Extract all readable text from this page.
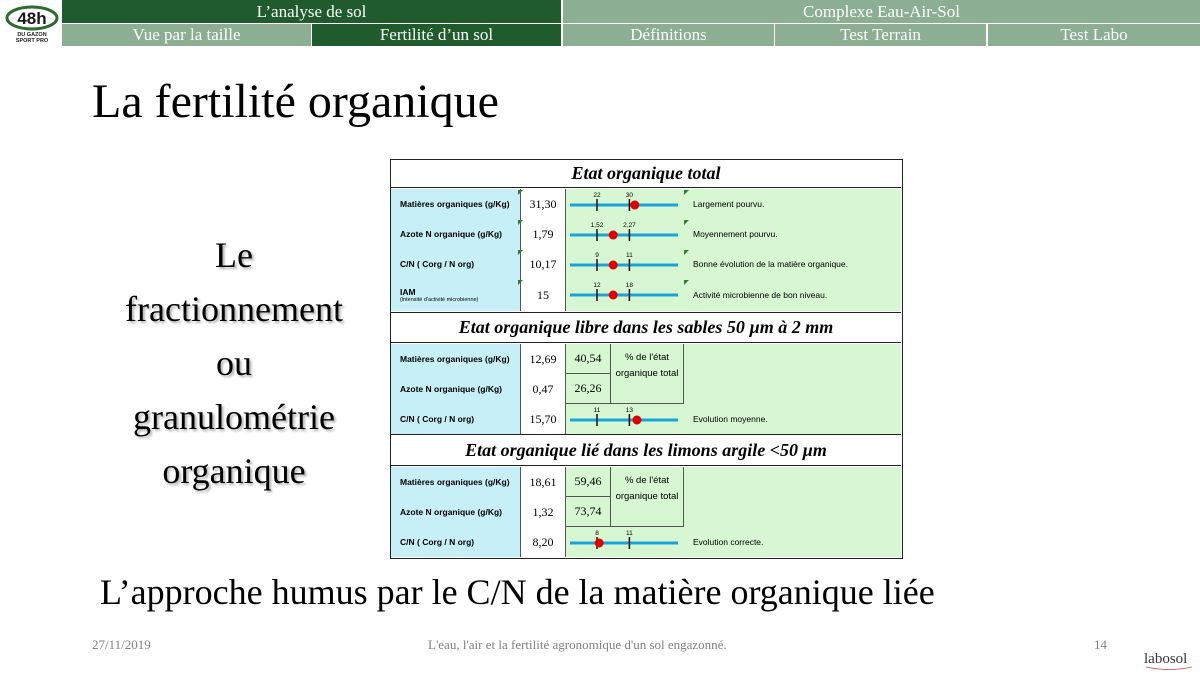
48h
DU GAZON
SPORT PRO
L’analyse de sol	Complexe Eau-Air-Sol
Vue par la taille	Fertilité d’un sol	Définitions	Test Terrain	Test Labo
La fertilité organique
Le
fractionnement
ou
granulométrie
organique
Etat organique total
Matières organiques (g/Kg)	31,30
22	30
Largement pourvu.
Azote N organique (g/Kg)	1,79
1,52	2,27
Moyennement pourvu.
C/N ( Corg / N org)	10,17
9	11
Bonne évolution de la matière organique.
IAM
(intensité d'activité microbienne)	15
12	18
Activité microbienne de bon niveau.
Etat organique libre dans les sables 50 µm à 2 mm
Matières organiques (g/Kg)	12,69	40,54
Azote N organique (g/Kg)	0,47	26,26
% de l'état organique total
C/N ( Corg / N org)	15,70
11	13
Evolution moyenne.
Etat organique lié dans les limons argile <50 µm
Matières organiques (g/Kg)	18,61	59,46
Azote N organique (g/Kg)	1,32	73,74
% de l'état organique total
C/N ( Corg / N org)	8,20
8	11
Evolution correcte.
L’approche humus par le C/N de la matière organique liée
27/11/2019	L'eau, l'air et la fertilité agronomique d'un sol engazonné.	14
labosol
